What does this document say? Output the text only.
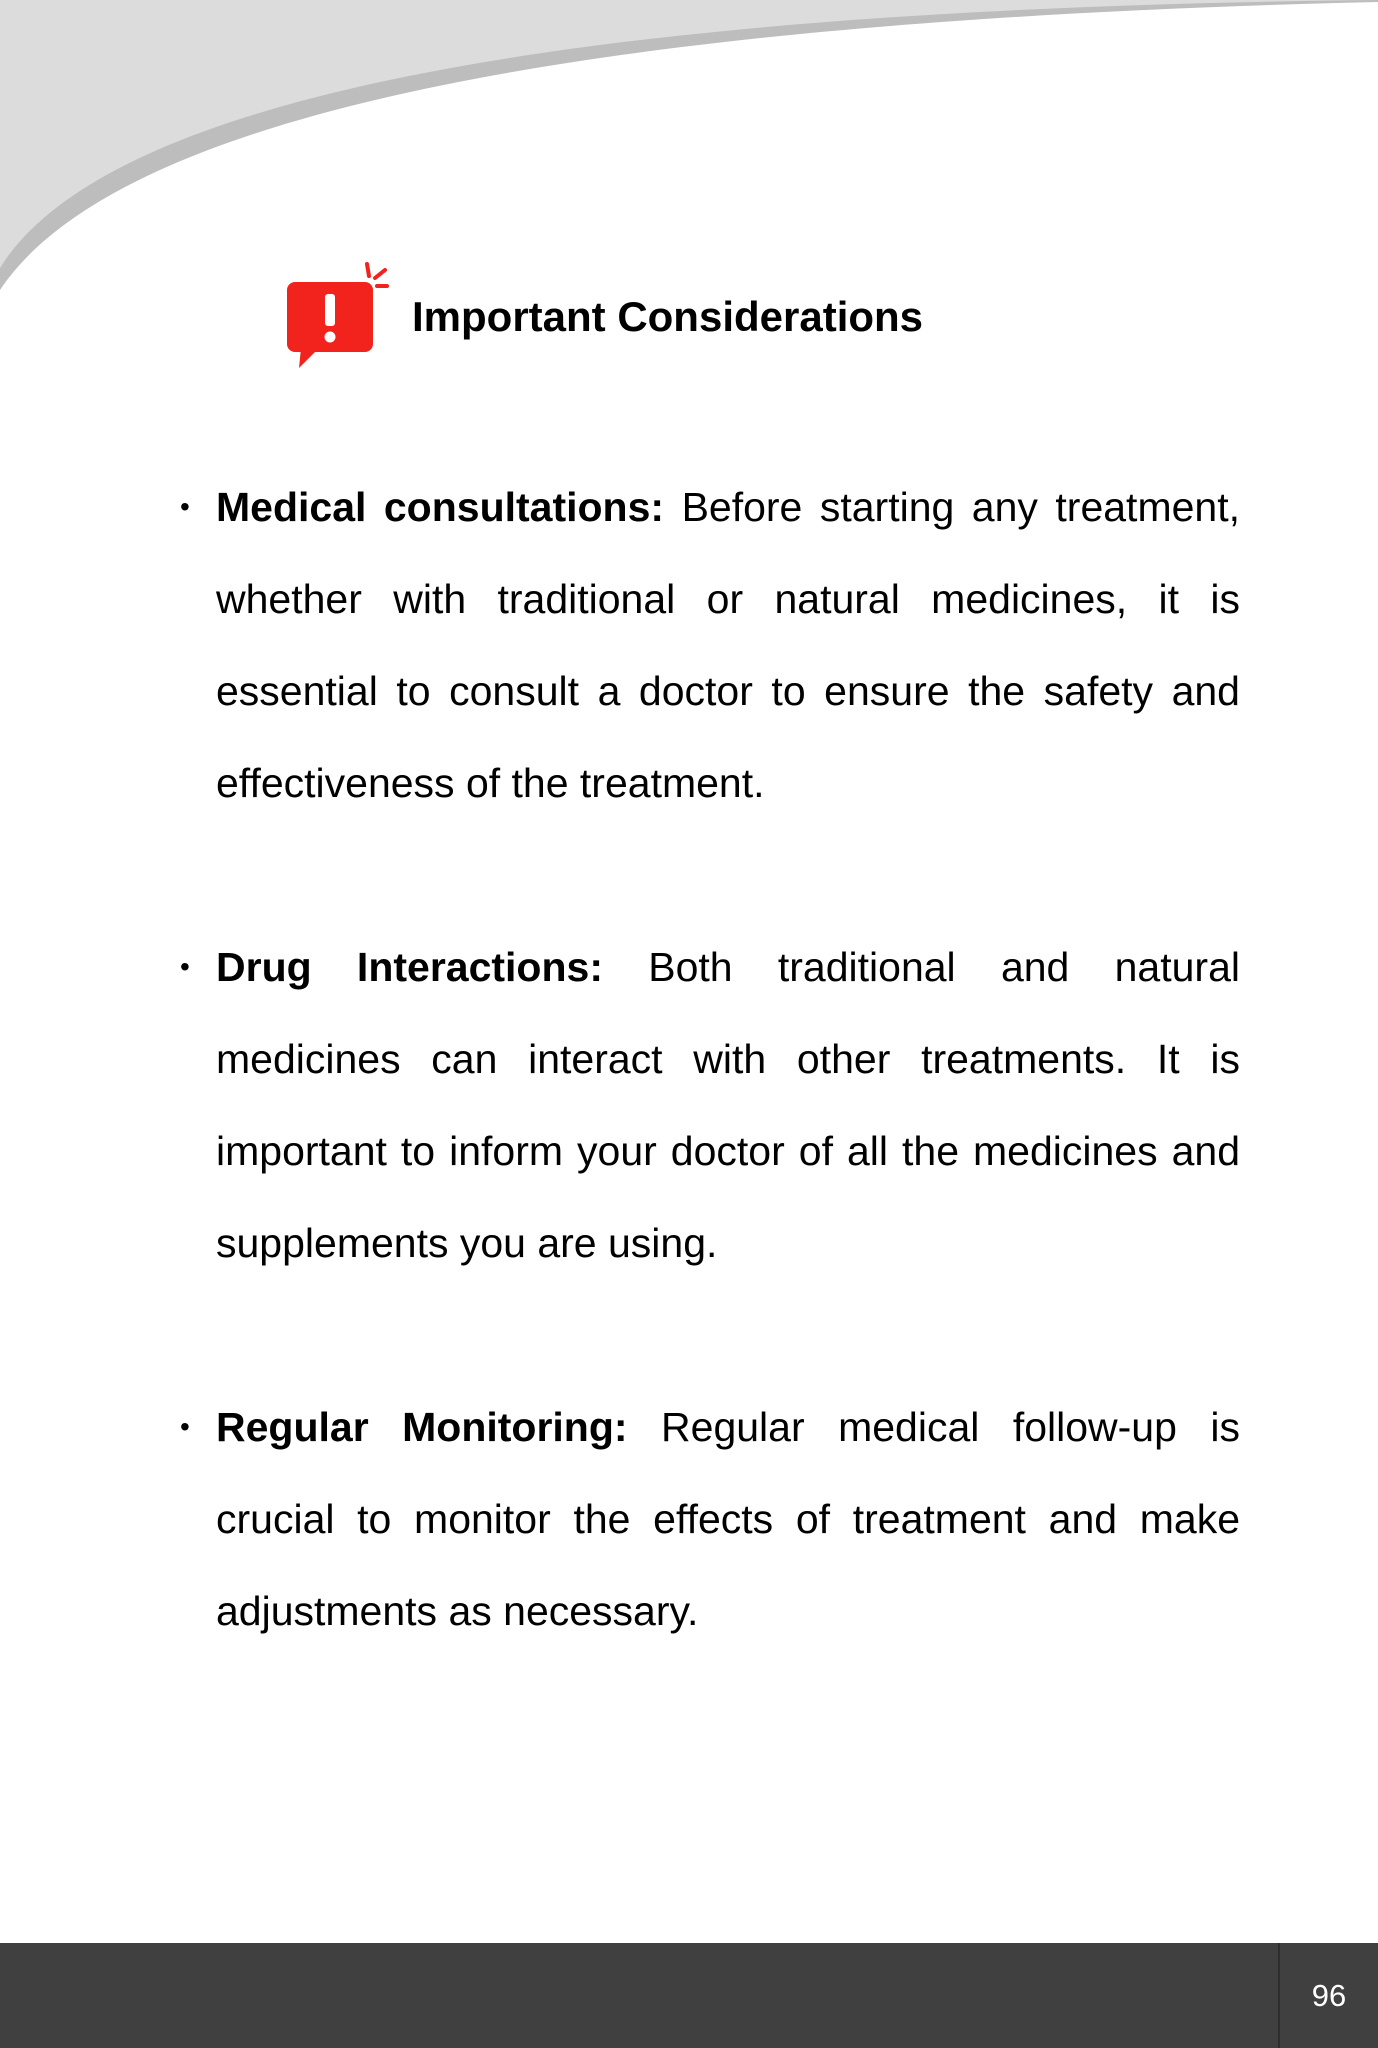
Important Considerations
• Medical consultations: Before starting any treatment, whether with traditional or natural medicines, it is essential to consult a doctor to ensure the safety and effectiveness of the treatment.
• Drug Interactions: Both traditional and natural medicines can interact with other treatments. It is important to inform your doctor of all the medicines and supplements you are using.
• Regular Monitoring: Regular medical follow-up is crucial to monitor the effects of treatment and make adjustments as necessary.
96
